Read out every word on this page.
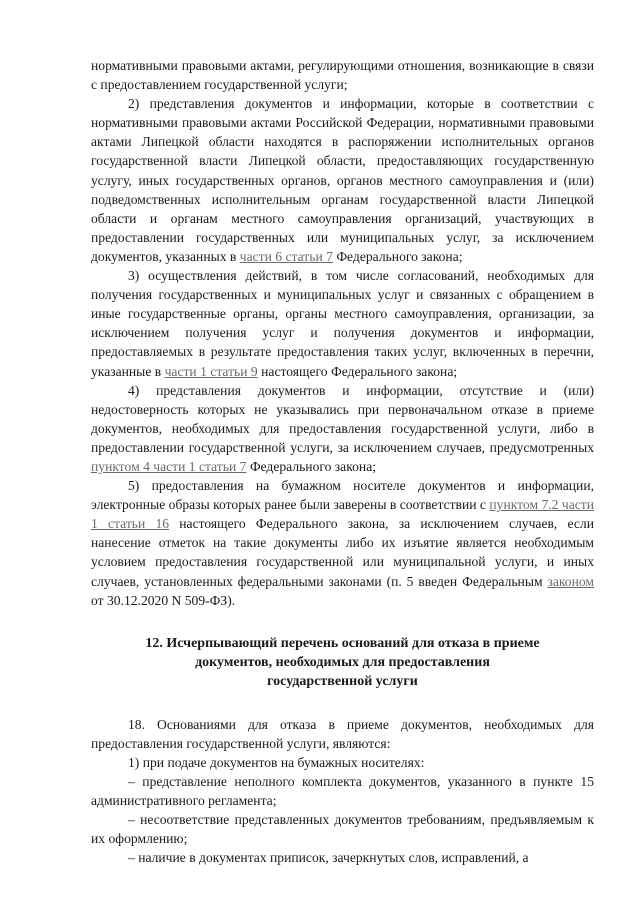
нормативными правовыми актами, регулирующими отношения, возникающие в связи с предоставлением государственной услуги;

2) представления документов и информации, которые в соответствии с нормативными правовыми актами Российской Федерации, нормативными правовыми актами Липецкой области находятся в распоряжении исполнительных органов государственной власти Липецкой области, предоставляющих государственную услугу, иных государственных органов, органов местного самоуправления и (или) подведомственных исполнительным органам государственной власти Липецкой области и органам местного самоуправления организаций, участвующих в предоставлении государственных или муниципальных услуг, за исключением документов, указанных в части 6 статьи 7 Федерального закона;

3) осуществления действий, в том числе согласований, необходимых для получения государственных и муниципальных услуг и связанных с обращением в иные государственные органы, органы местного самоуправления, организации, за исключением получения услуг и получения документов и информации, предоставляемых в результате предоставления таких услуг, включенных в перечни, указанные в части 1 статьи 9 настоящего Федерального закона;

4) представления документов и информации, отсутствие и (или) недостоверность которых не указывались при первоначальном отказе в приеме документов, необходимых для предоставления государственной услуги, либо в предоставлении государственной услуги, за исключением случаев, предусмотренных пунктом 4 части 1 статьи 7 Федерального закона;

5) предоставления на бумажном носителе документов и информации, электронные образы которых ранее были заверены в соответствии с пунктом 7.2 части 1 статьи 16 настоящего Федерального закона, за исключением случаев, если нанесение отметок на такие документы либо их изъятие является необходимым условием предоставления государственной или муниципальной услуги, и иных случаев, установленных федеральными законами (п. 5 введен Федеральным законом от 30.12.2020 N 509-ФЗ).

12. Исчерпывающий перечень оснований для отказа в приеме
документов, необходимых для предоставления
государственной услуги

18. Основаниями для отказа в приеме документов, необходимых для предоставления государственной услуги, являются:

1) при подаче документов на бумажных носителях:

– представление неполного комплекта документов, указанного в пункте 15 административного регламента;

– несоответствие представленных документов требованиям, предъявляемым к их оформлению;

– наличие в документах приписок, зачеркнутых слов, исправлений, а
